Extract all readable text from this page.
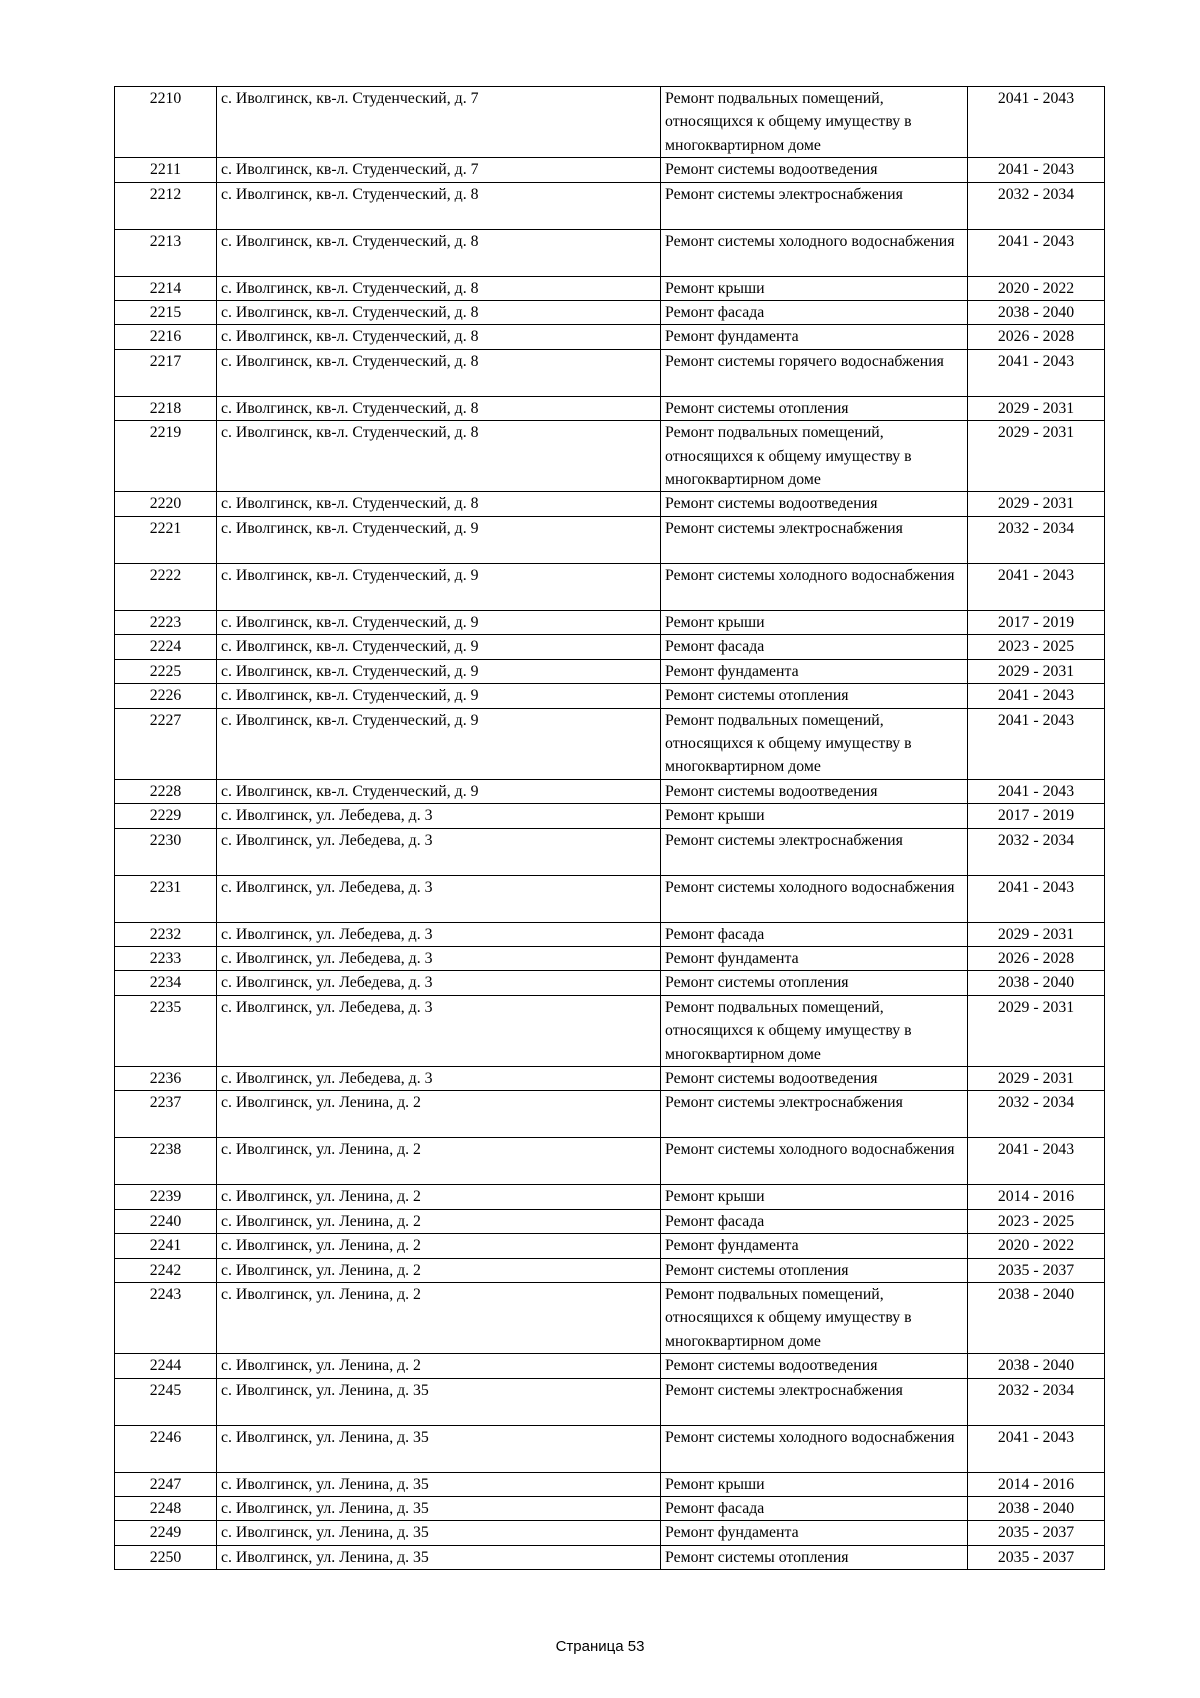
2210	с. Иволгинск, кв-л. Студенческий, д. 7	Ремонт подвальных помещений, относящихся к общему имуществу в многоквартирном доме	2041 - 2043
2211	с. Иволгинск, кв-л. Студенческий, д. 7	Ремонт системы водоотведения	2041 - 2043
2212	с. Иволгинск, кв-л. Студенческий, д. 8	Ремонт системы электроснабжения	2032 - 2034
2213	с. Иволгинск, кв-л. Студенческий, д. 8	Ремонт системы холодного водоснабжения	2041 - 2043
2214	с. Иволгинск, кв-л. Студенческий, д. 8	Ремонт крыши	2020 - 2022
2215	с. Иволгинск, кв-л. Студенческий, д. 8	Ремонт фасада	2038 - 2040
2216	с. Иволгинск, кв-л. Студенческий, д. 8	Ремонт фундамента	2026 - 2028
2217	с. Иволгинск, кв-л. Студенческий, д. 8	Ремонт системы горячего водоснабжения	2041 - 2043
2218	с. Иволгинск, кв-л. Студенческий, д. 8	Ремонт системы отопления	2029 - 2031
2219	с. Иволгинск, кв-л. Студенческий, д. 8	Ремонт подвальных помещений, относящихся к общему имуществу в многоквартирном доме	2029 - 2031
2220	с. Иволгинск, кв-л. Студенческий, д. 8	Ремонт системы водоотведения	2029 - 2031
2221	с. Иволгинск, кв-л. Студенческий, д. 9	Ремонт системы электроснабжения	2032 - 2034
2222	с. Иволгинск, кв-л. Студенческий, д. 9	Ремонт системы холодного водоснабжения	2041 - 2043
2223	с. Иволгинск, кв-л. Студенческий, д. 9	Ремонт крыши	2017 - 2019
2224	с. Иволгинск, кв-л. Студенческий, д. 9	Ремонт фасада	2023 - 2025
2225	с. Иволгинск, кв-л. Студенческий, д. 9	Ремонт фундамента	2029 - 2031
2226	с. Иволгинск, кв-л. Студенческий, д. 9	Ремонт системы отопления	2041 - 2043
2227	с. Иволгинск, кв-л. Студенческий, д. 9	Ремонт подвальных помещений, относящихся к общему имуществу в многоквартирном доме	2041 - 2043
2228	с. Иволгинск, кв-л. Студенческий, д. 9	Ремонт системы водоотведения	2041 - 2043
2229	с. Иволгинск, ул. Лебедева, д. 3	Ремонт крыши	2017 - 2019
2230	с. Иволгинск, ул. Лебедева, д. 3	Ремонт системы электроснабжения	2032 - 2034
2231	с. Иволгинск, ул. Лебедева, д. 3	Ремонт системы холодного водоснабжения	2041 - 2043
2232	с. Иволгинск, ул. Лебедева, д. 3	Ремонт фасада	2029 - 2031
2233	с. Иволгинск, ул. Лебедева, д. 3	Ремонт фундамента	2026 - 2028
2234	с. Иволгинск, ул. Лебедева, д. 3	Ремонт системы отопления	2038 - 2040
2235	с. Иволгинск, ул. Лебедева, д. 3	Ремонт подвальных помещений, относящихся к общему имуществу в многоквартирном доме	2029 - 2031
2236	с. Иволгинск, ул. Лебедева, д. 3	Ремонт системы водоотведения	2029 - 2031
2237	с. Иволгинск, ул. Ленина, д. 2	Ремонт системы электроснабжения	2032 - 2034
2238	с. Иволгинск, ул. Ленина, д. 2	Ремонт системы холодного водоснабжения	2041 - 2043
2239	с. Иволгинск, ул. Ленина, д. 2	Ремонт крыши	2014 - 2016
2240	с. Иволгинск, ул. Ленина, д. 2	Ремонт фасада	2023 - 2025
2241	с. Иволгинск, ул. Ленина, д. 2	Ремонт фундамента	2020 - 2022
2242	с. Иволгинск, ул. Ленина, д. 2	Ремонт системы отопления	2035 - 2037
2243	с. Иволгинск, ул. Ленина, д. 2	Ремонт подвальных помещений, относящихся к общему имуществу в многоквартирном доме	2038 - 2040
2244	с. Иволгинск, ул. Ленина, д. 2	Ремонт системы водоотведения	2038 - 2040
2245	с. Иволгинск, ул. Ленина, д. 35	Ремонт системы электроснабжения	2032 - 2034
2246	с. Иволгинск, ул. Ленина, д. 35	Ремонт системы холодного водоснабжения	2041 - 2043
2247	с. Иволгинск, ул. Ленина, д. 35	Ремонт крыши	2014 - 2016
2248	с. Иволгинск, ул. Ленина, д. 35	Ремонт фасада	2038 - 2040
2249	с. Иволгинск, ул. Ленина, д. 35	Ремонт фундамента	2035 - 2037
2250	с. Иволгинск, ул. Ленина, д. 35	Ремонт системы отопления	2035 - 2037
Страница 53
